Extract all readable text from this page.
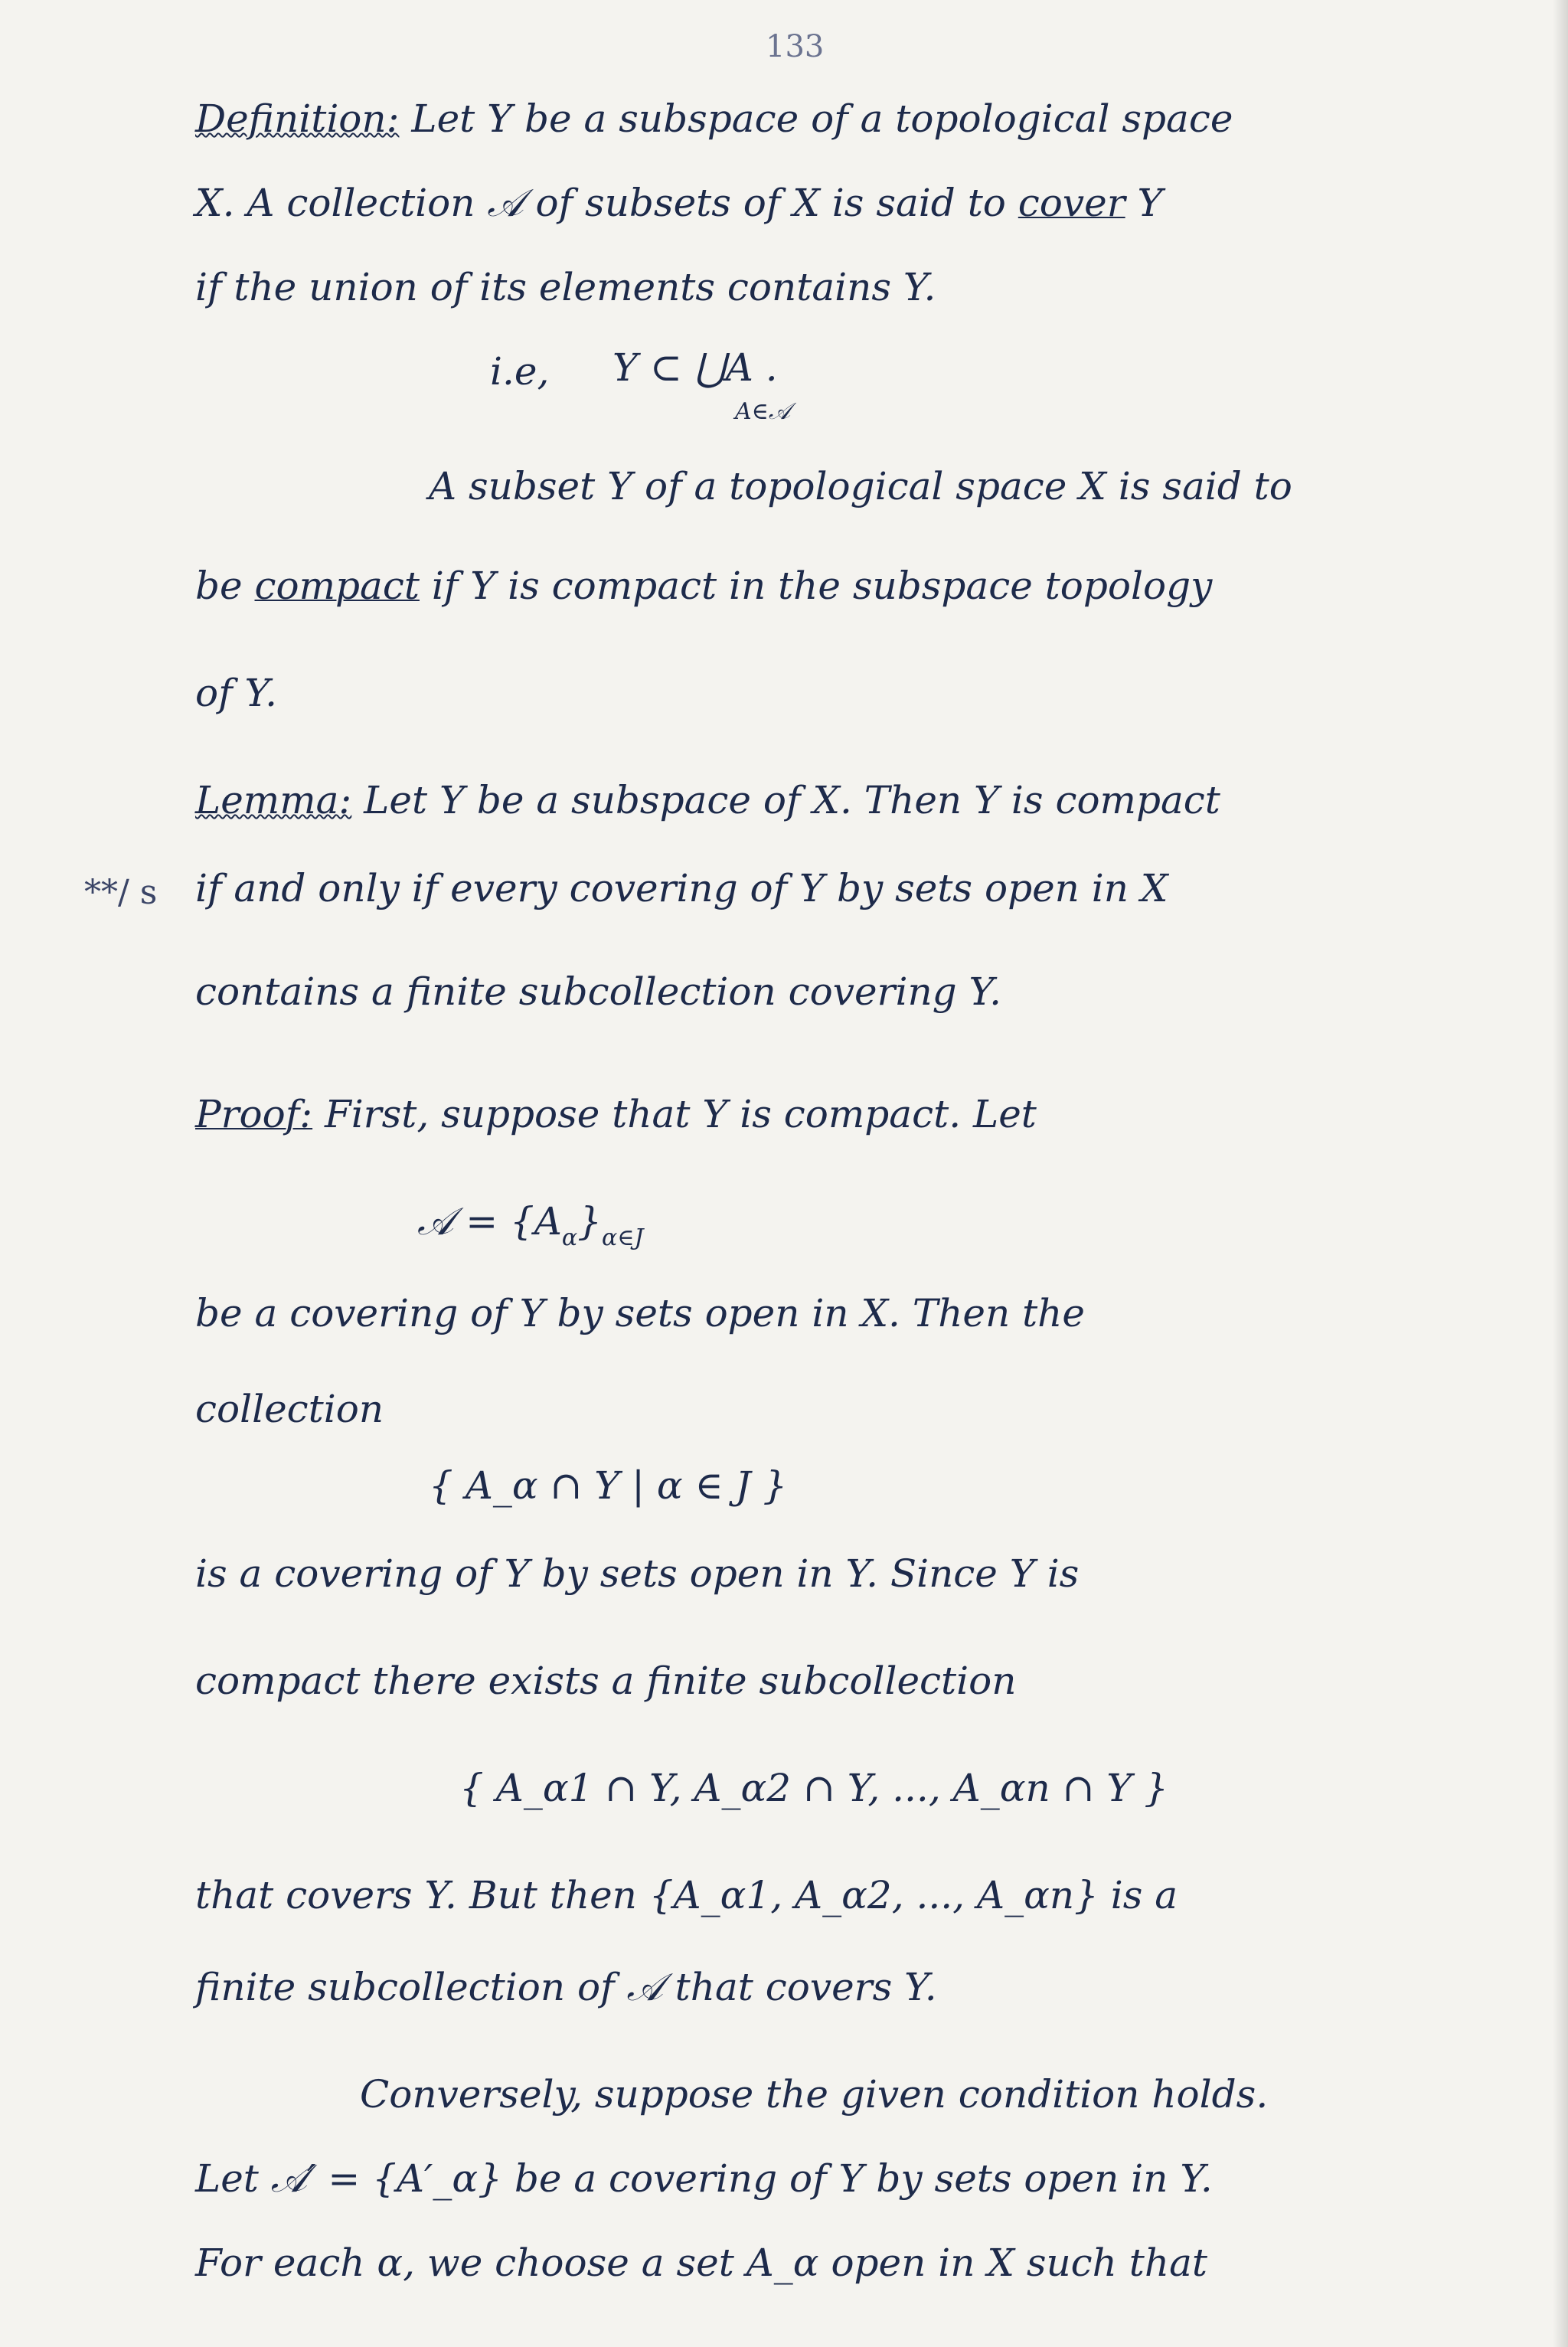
133
Definition: Let Y be a subspace of a topological space
X. A collection 𝒜 of subsets of X is said to cover Y
if the union of its elements contains Y.
i.e, Y ⊂ ⋃A .
A∈𝒜
A subset Y of a topological space X is said to
be compact if Y is compact in the subspace topology
of Y.
Lemma: Let Y be a subspace of X. Then Y is compact
if and only if every covering of Y by sets open in X
contains a finite subcollection covering Y.
**/ s
Proof: First, suppose that Y is compact. Let
𝒜 = $\{A_\alpha\}_{\alpha\in J}$
be a covering of Y by sets open in X. Then the
collection
{ A_α ∩ Y | α ∈ J }
is a covering of Y by sets open in Y. Since Y is
compact there exists a finite subcollection
{ A_α1 ∩ Y, A_α2 ∩ Y, ..., A_αn ∩ Y }
that covers Y. But then {A_α1, A_α2, ..., A_αn} is a
finite subcollection of 𝒜 that covers Y.
Conversely, suppose the given condition holds.
Let 𝒜′ = {A′_α} be a covering of Y by sets open in Y.
For each α, we choose a set A_α open in X such that
